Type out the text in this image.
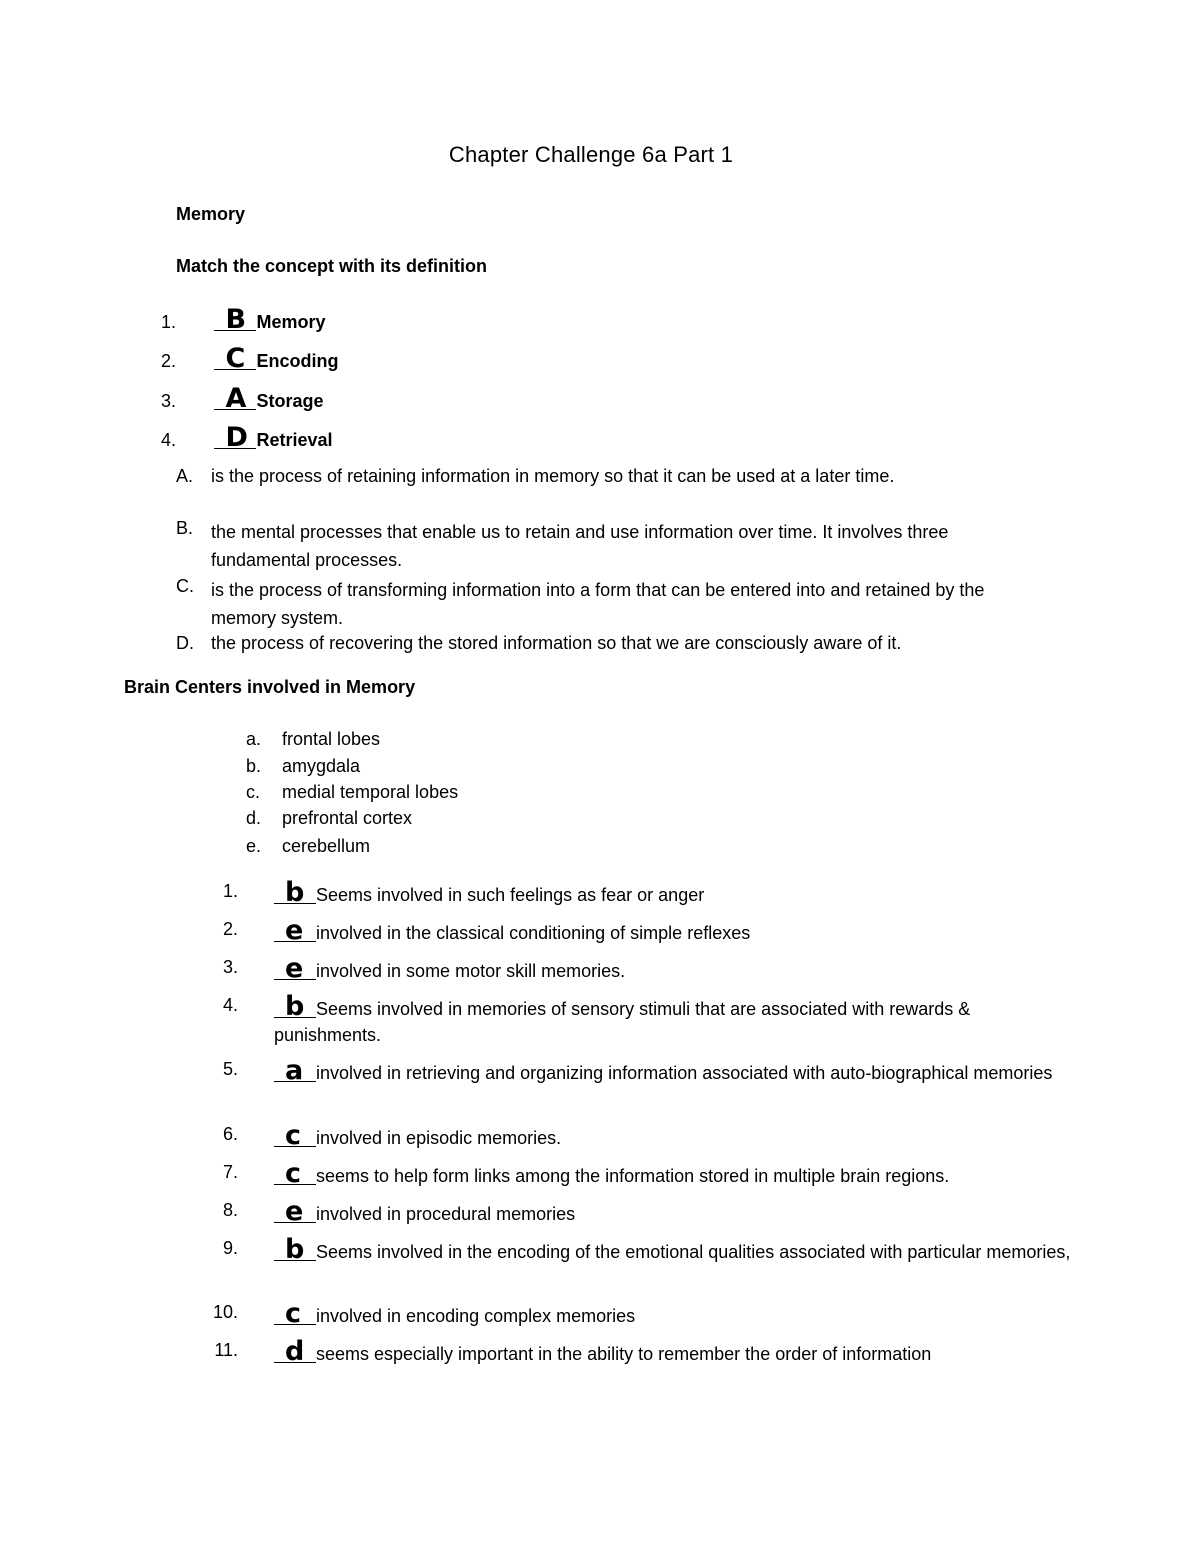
Chapter Challenge 6a Part 1
Memory
Match the concept with its definition
1. B Memory
2. C Encoding
3. A Storage
4. D Retrieval
A. is the process of retaining information in memory so that it can be used at a later time.
B. the mental processes that enable us to retain and use information over time. It involves three fundamental processes.
C. is the process of transforming information into a form that can be entered into and retained by the memory system.
D. the process of recovering the stored information so that we are consciously aware of it.
Brain Centers involved in Memory
a. frontal lobes
b. amygdala
c. medial temporal lobes
d. prefrontal cortex
e. cerebellum
1. b Seems involved in such feelings as fear or anger
2. e involved in the classical conditioning of simple reflexes
3. e involved in some motor skill memories.
4. b Seems involved in memories of sensory stimuli that are associated with rewards & punishments.
5. a involved in retrieving and organizing information associated with auto-biographical memories
6. c involved in episodic memories.
7. c seems to help form links among the information stored in multiple brain regions.
8. e involved in procedural memories
9. b Seems involved in the encoding of the emotional qualities associated with particular memories,
10. c involved in encoding complex memories
11. d seems especially important in the ability to remember the order of information
